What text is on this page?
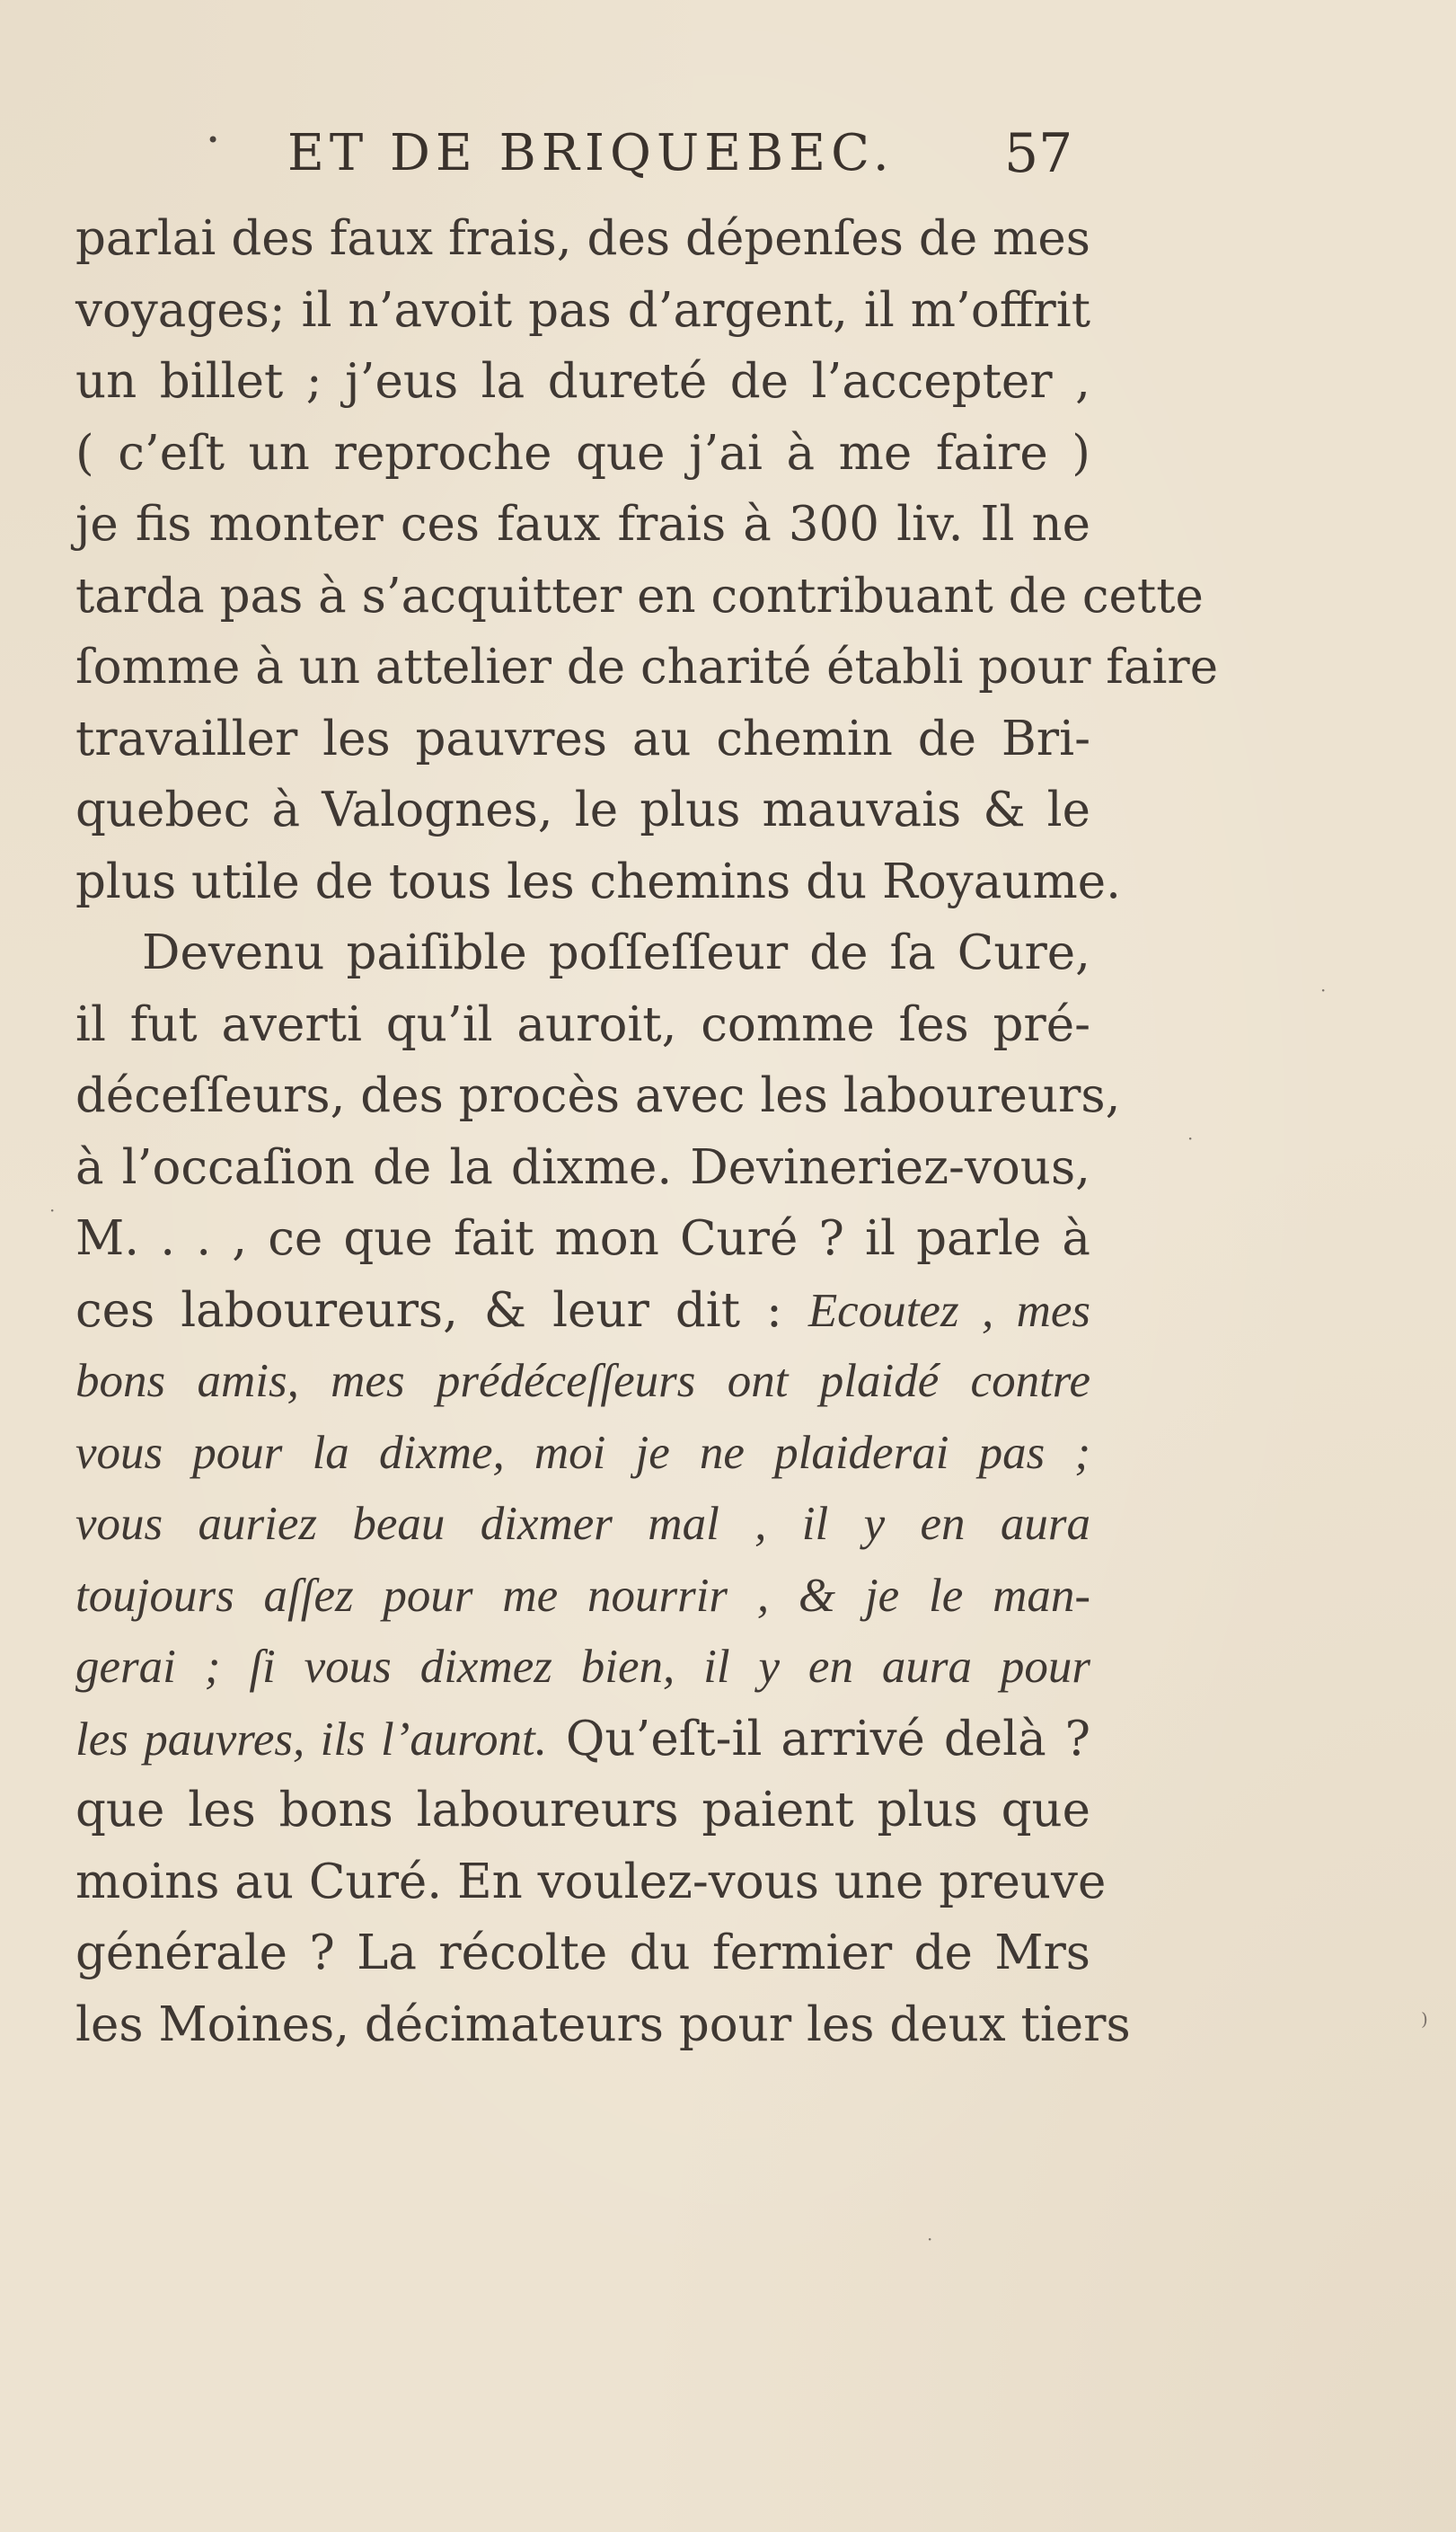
• ET DE BRIQUEBEC. 57
parlai des faux frais, des dépenſes de mes
voyages; il n’avoit pas d’argent, il m’offrit
un billet ; j’eus la dureté de l’accepter ,
( c’eſt un reproche que j’ai à me faire )
je fis monter ces faux frais à 300 liv. Il ne
tarda pas à s’acquitter en contribuant de cette
ſomme à un attelier de charité établi pour faire
travailler les pauvres au chemin de Bri-
quebec à Valognes, le plus mauvais & le
plus utile de tous les chemins du Royaume.
Devenu paiſible poſſeſſeur de ſa Cure,
il fut averti qu’il auroit, comme ſes pré-
déceſſeurs, des procès avec les laboureurs,
à l’occaſion de la dixme. Devineriez-vous,
M. . . , ce que fait mon Curé ? il parle à
ces laboureurs, & leur dit : Ecoutez , mes
bons amis, mes prédéceſſeurs ont plaidé contre
vous pour la dixme, moi je ne plaiderai pas ;
vous auriez beau dixmer mal , il y en aura
toujours aſſez pour me nourrir , & je le man-
gerai ; ſi vous dixmez bien, il y en aura pour
les pauvres, ils l’auront. Qu’eſt-il arrivé delà ?
que les bons laboureurs paient plus que
moins au Curé. En voulez-vous une preuve
générale ? La récolte du fermier de Mrs
les Moines, décimateurs pour les deux tiers
·
·
·
·
)
